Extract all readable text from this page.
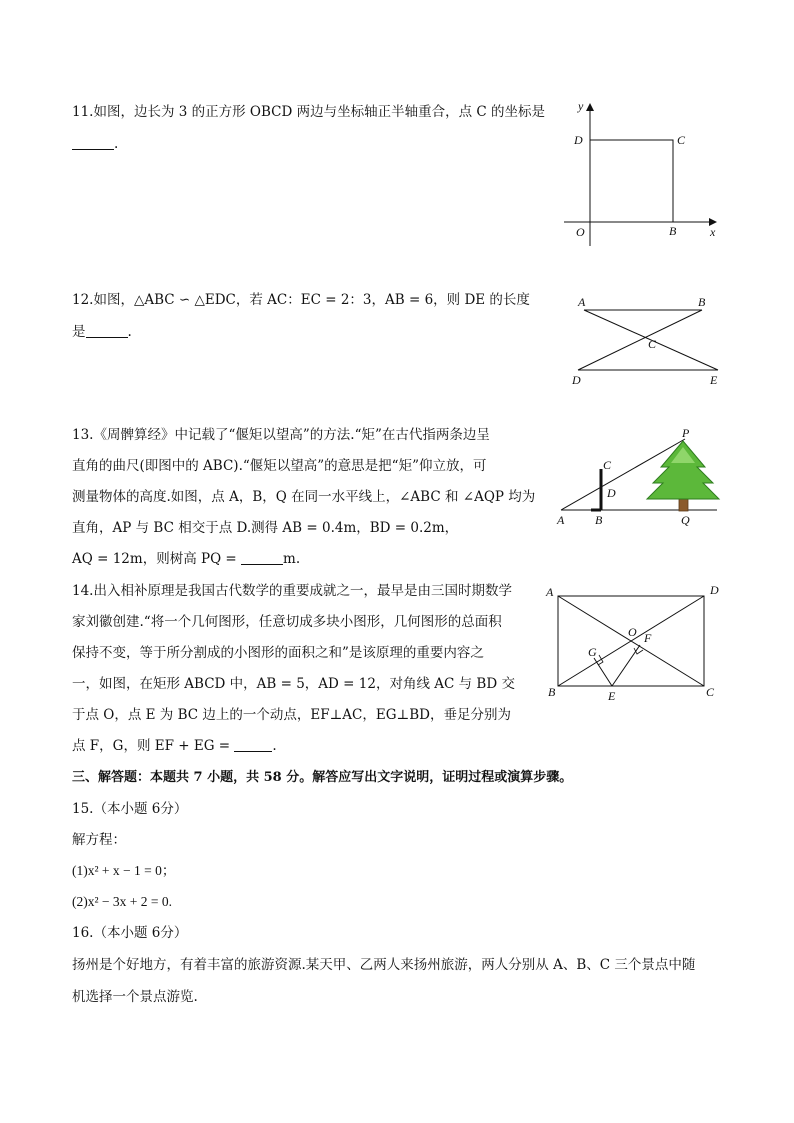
11.如图，边长为 3 的正方形 OBCD 两边与坐标轴正半轴重合，点 C 的坐标是
.
y
x
D	C
O	B
12.如图，△ABC ∽ △EDC，若 AC：EC = 2：3，AB = 6，则 DE 的长度
是	.
A	B
C
D	E
13.《周髀算经》中记载了“偃矩以望高”的方法.“矩”在古代指两条边呈
直角的曲尺(即图中的 ABC).“偃矩以望高”的意思是把“矩”仰立放，可
测量物体的高度.如图，点 A，B，Q 在同一水平线上，∠ABC 和 ∠AQP 均为
直角，AP 与 BC 相交于点 D.测得 AB = 0.4m，BD = 0.2m，
AQ = 12m，则树高 PQ =	m.
C
D
P
A	B	Q
14.出入相补原理是我国古代数学的重要成就之一，最早是由三国时期数学
家刘徽创建.“将一个几何图形，任意切成多块小图形，几何图形的总面积
保持不变，等于所分割成的小图形的面积之和”是该原理的重要内容之
一，如图，在矩形 ABCD 中，AB = 5，AD = 12，对角线 AC 与 BD 交
于点 O，点 E 为 BC 边上的一个动点，EF⊥AC，EG⊥BD，垂足分别为
点 F，G，则 EF + EG =	.
A	D
O F
G
B	E	C
三、解答题：本题共 7 小题，共 58 分。解答应写出文字说明，证明过程或演算步骤。
15.（本小题 6分）
解方程：
(1)x² + x − 1 = 0；
(2)x² − 3x + 2 = 0.
16.（本小题 6分）
扬州是个好地方，有着丰富的旅游资源.某天甲、乙两人来扬州旅游，两人分别从 A、B、C 三个景点中随
机选择一个景点游览.
